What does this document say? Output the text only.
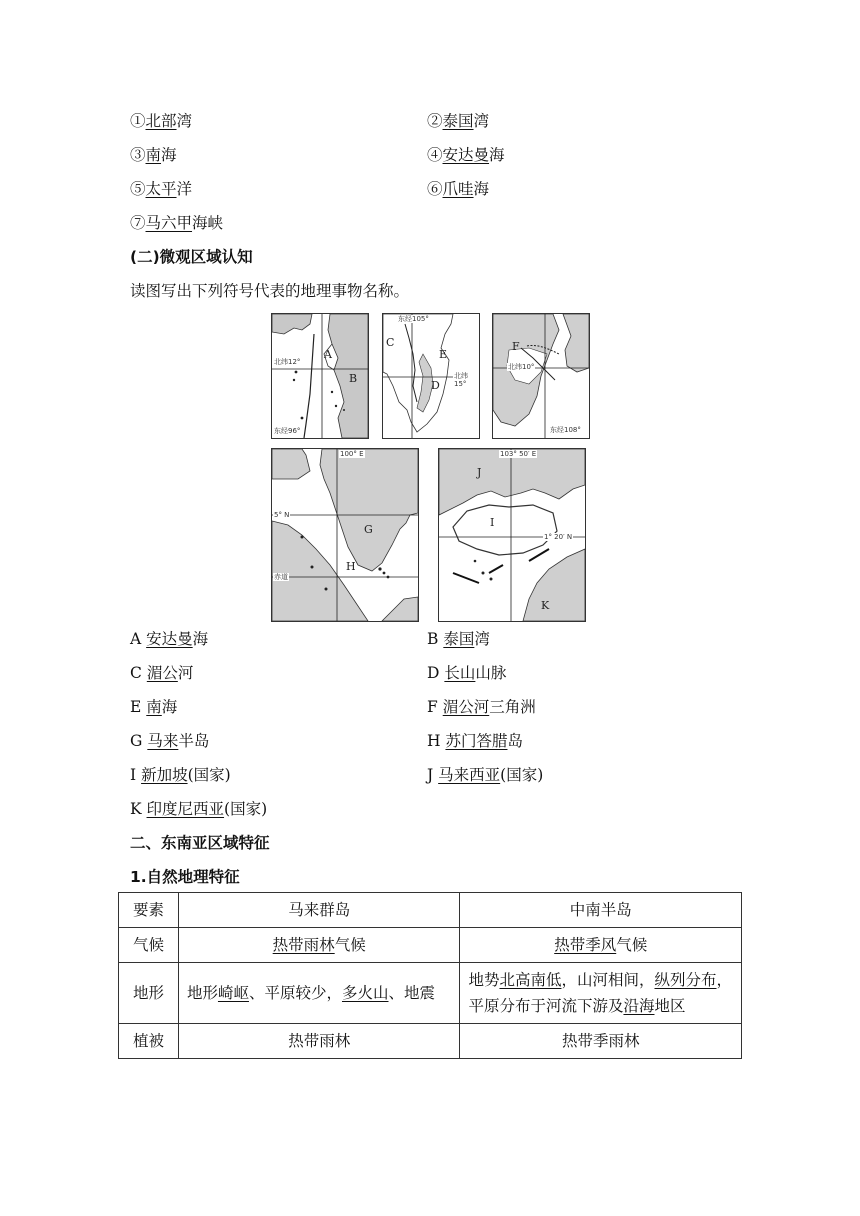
①北部湾	②泰国湾
③南海	④安达曼海
⑤太平洋	⑥爪哇海
⑦马六甲海峡
(二)微观区域认知
读图写出下列符号代表的地理事物名称。
A
B
北纬12°
东经96°
东经105°
C
E
D
北纬15°
F
北纬10°
东经108°
100° E
5° N
赤道
G
H
103° 50′ E
J
I
1° 20′ N
K
A 安达曼海	B 泰国湾
C 湄公河	D 长山山脉
E 南海	F 湄公河三角洲
G 马来半岛	H 苏门答腊岛
I 新加坡(国家)	J 马来西亚(国家)
K 印度尼西亚(国家)
二、东南亚区域特征
1.自然地理特征
要素	马来群岛	中南半岛
气候	热带雨林气候	热带季风气候
地形	地形崎岖、平原较少，多火山、地震	地势北高南低，山河相间，纵列分布，平原分布于河流下游及沿海地区
植被	热带雨林	热带季雨林
